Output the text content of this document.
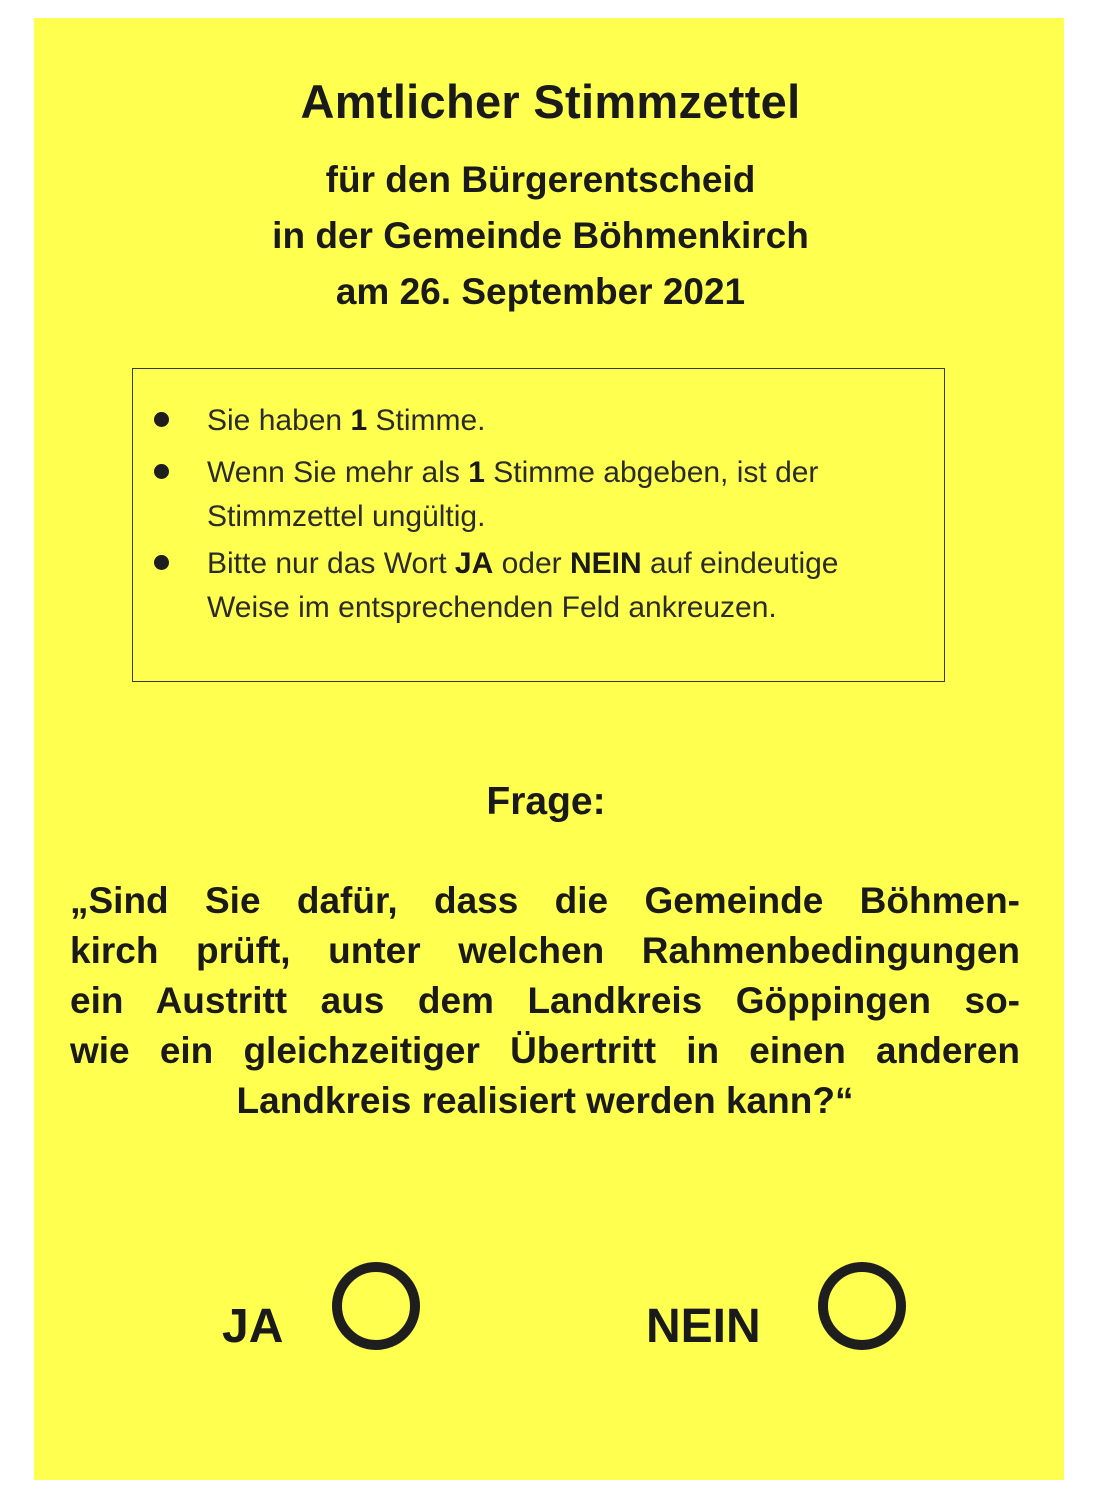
Amtlicher Stimmzettel
für den Bürgerentscheid
in der Gemeinde Böhmenkirch
am 26. September 2021
Sie haben 1 Stimme.
Wenn Sie mehr als 1 Stimme abgeben, ist der
Stimmzettel ungültig.
Bitte nur das Wort JA oder NEIN auf eindeutige
Weise im entsprechenden Feld ankreuzen.
Frage:
„Sind Sie dafür, dass die Gemeinde Böhmen-
kirch prüft, unter welchen Rahmenbedingungen
ein Austritt aus dem Landkreis Göppingen so-
wie ein gleichzeitiger Übertritt in einen anderen
Landkreis realisiert werden kann?“
JA	NEIN
